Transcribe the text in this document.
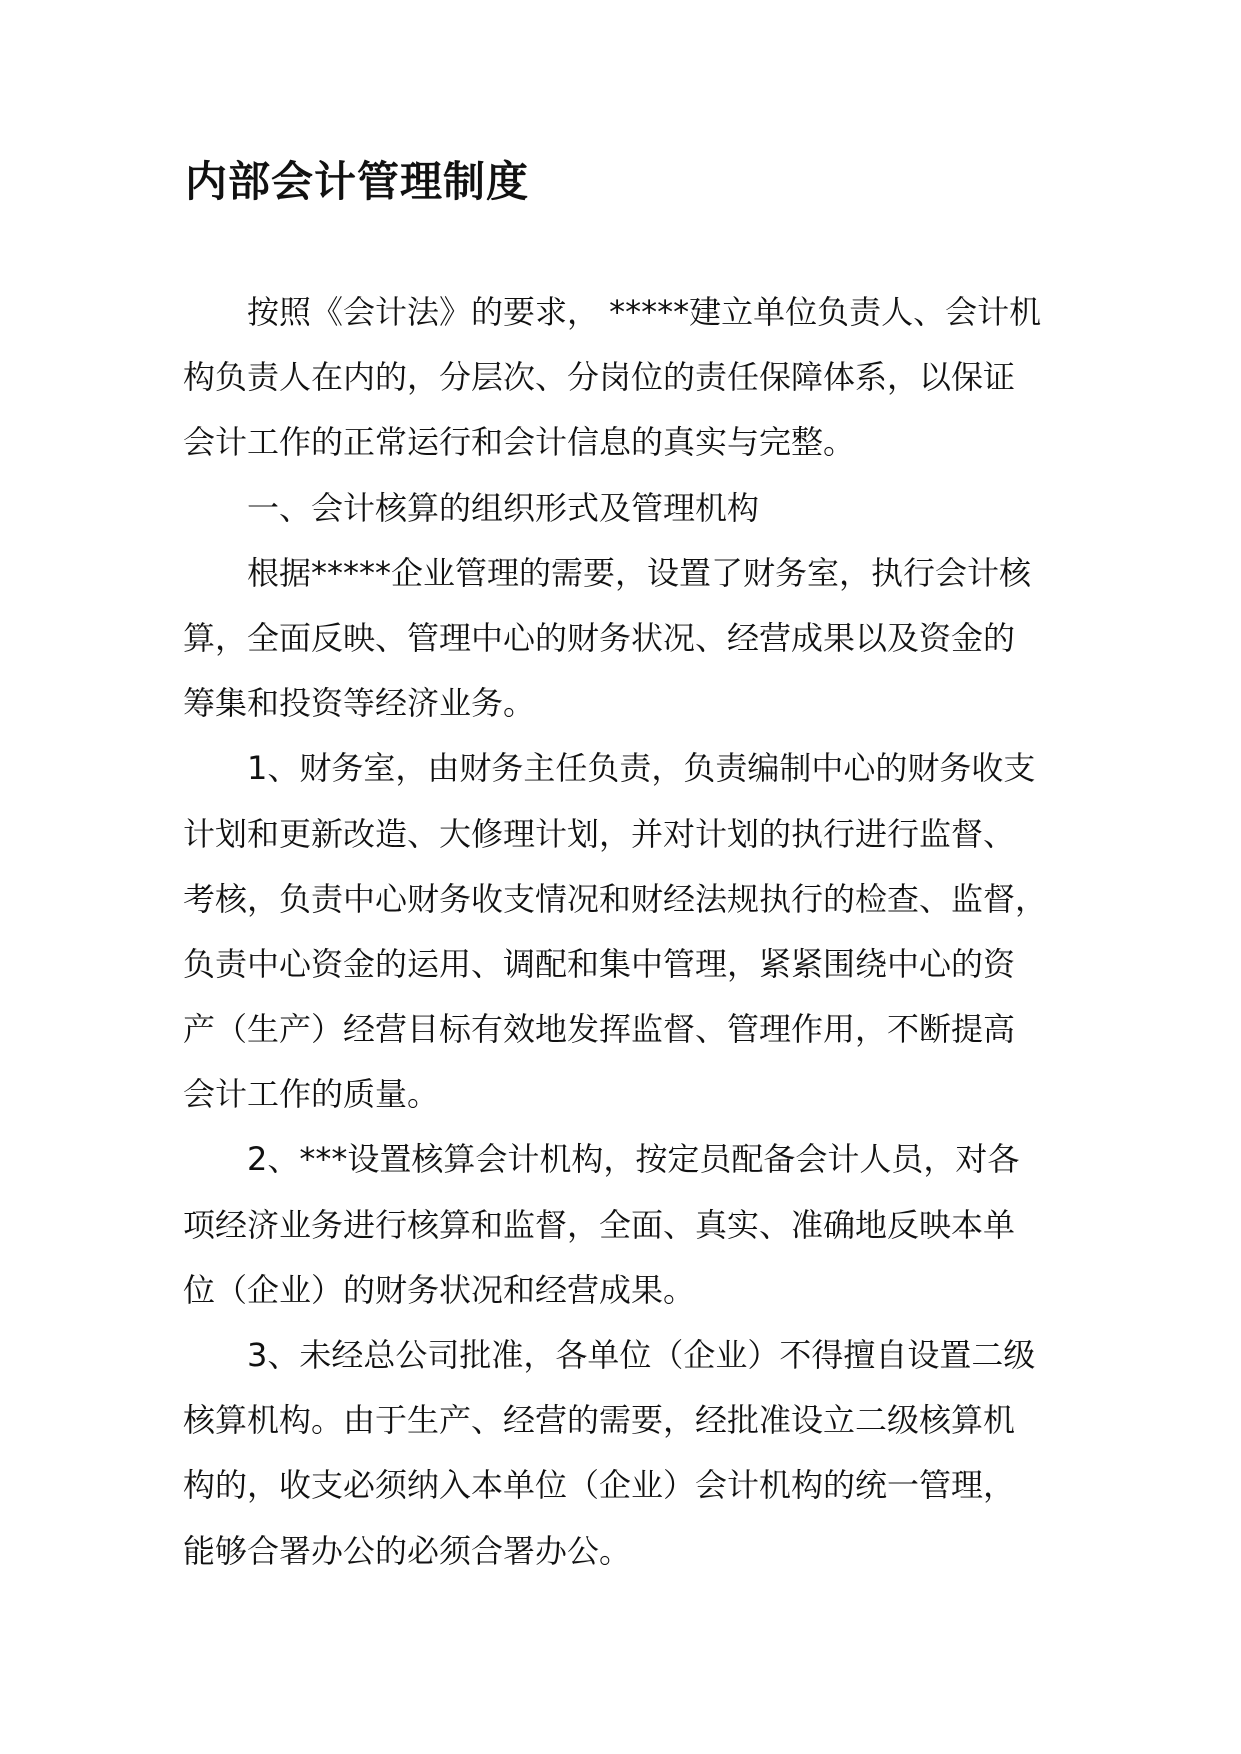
内部会计管理制度

按照《会计法》的要求， *****建立单位负责人、会计机

构负责人在内的，分层次、分岗位的责任保障体系，以保证

会计工作的正常运行和会计信息的真实与完整。

一、会计核算的组织形式及管理机构

根据*****企业管理的需要，设置了财务室，执行会计核

算，全面反映、管理中心的财务状况、经营成果以及资金的

筹集和投资等经济业务。

1、财务室，由财务主任负责，负责编制中心的财务收支

计划和更新改造、大修理计划，并对计划的执行进行监督、

考核，负责中心财务收支情况和财经法规执行的检查、监督，

负责中心资金的运用、调配和集中管理，紧紧围绕中心的资

产（生产）经营目标有效地发挥监督、管理作用，不断提高

会计工作的质量。

2、***设置核算会计机构，按定员配备会计人员，对各

项经济业务进行核算和监督，全面、真实、准确地反映本单

位（企业）的财务状况和经营成果。

3、未经总公司批准，各单位（企业）不得擅自设置二级

核算机构。由于生产、经营的需要，经批准设立二级核算机

构的，收支必须纳入本单位（企业）会计机构的统一管理，

能够合署办公的必须合署办公。
